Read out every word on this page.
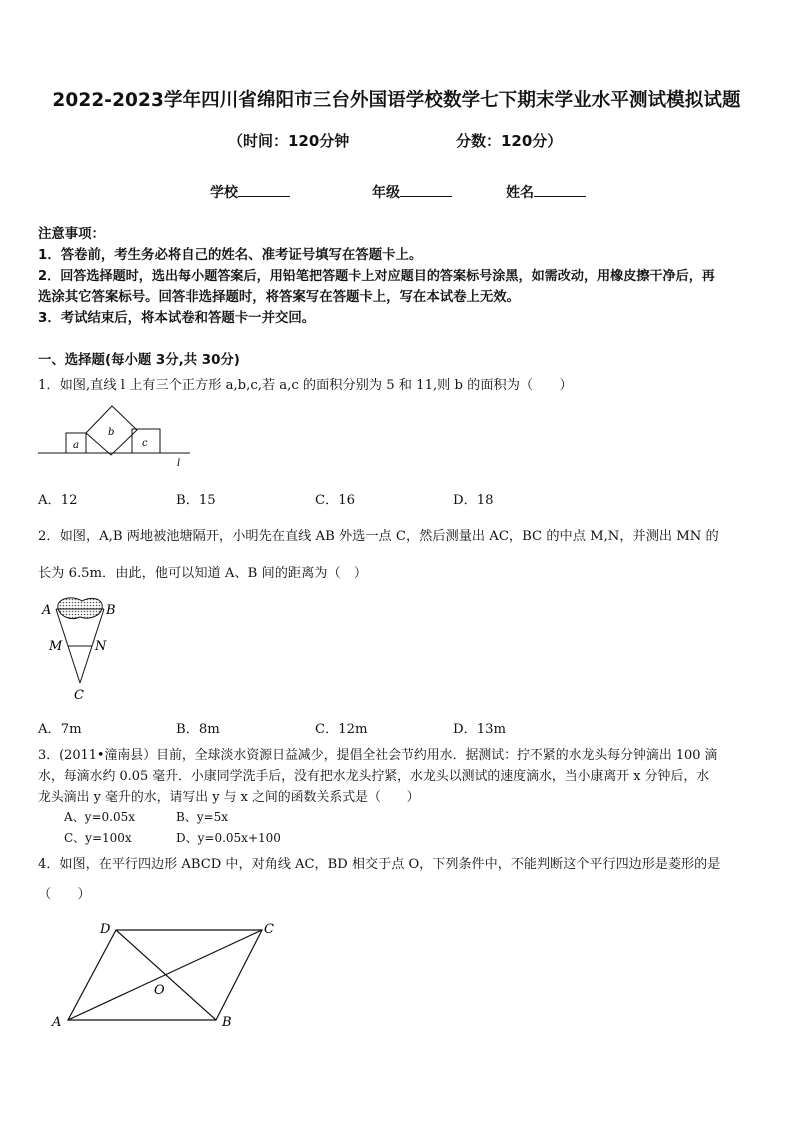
2022-2023学年四川省绵阳市三台外国语学校数学七下期末学业水平测试模拟试题
（时间：120分钟	分数：120分）
学校	年级	姓名
注意事项：
1．答卷前，考生务必将自己的姓名、准考证号填写在答题卡上。
2．回答选择题时，选出每小题答案后，用铅笔把答题卡上对应题目的答案标号涂黑，如需改动，用橡皮擦干净后，再
选涂其它答案标号。回答非选择题时，将答案写在答题卡上，写在本试卷上无效。
3．考试结束后，将本试卷和答题卡一并交回。
一、选择题(每小题 3分,共 30分)
1．如图,直线 l 上有三个正方形 a,b,c,若 a,c 的面积分别为 5 和 11,则 b 的面积为（　　）
a
b
c
l
A．12	B．15	C．16	D．18
2．如图，A,B 两地被池塘隔开，小明先在直线 AB 外选一点 C，然后测量出 AC，BC 的中点 M,N，并测出 MN 的
长为 6.5m．由此，他可以知道 A、B 间的距离为（　）
A	B
M	N
C
A．7m	B．8m	C．12m	D．13m
3．(2011•潼南县）目前，全球淡水资源日益减少，提倡全社会节约用水．据测试：拧不紧的水龙头每分钟滴出 100 滴
水，每滴水约 0.05 毫升．小康同学洗手后，没有把水龙头拧紧，水龙头以测试的速度滴水，当小康离开 x 分钟后，水
龙头滴出 y 毫升的水，请写出 y 与 x 之间的函数关系式是（　　）
A、y=0.05x	B、y=5x
C、y=100x	D、y=0.05x+100
4．如图，在平行四边形 ABCD 中，对角线 AC，BD 相交于点 O，下列条件中，不能判断这个平行四边形是菱形的是
（　　）
A	B
C
D
O
